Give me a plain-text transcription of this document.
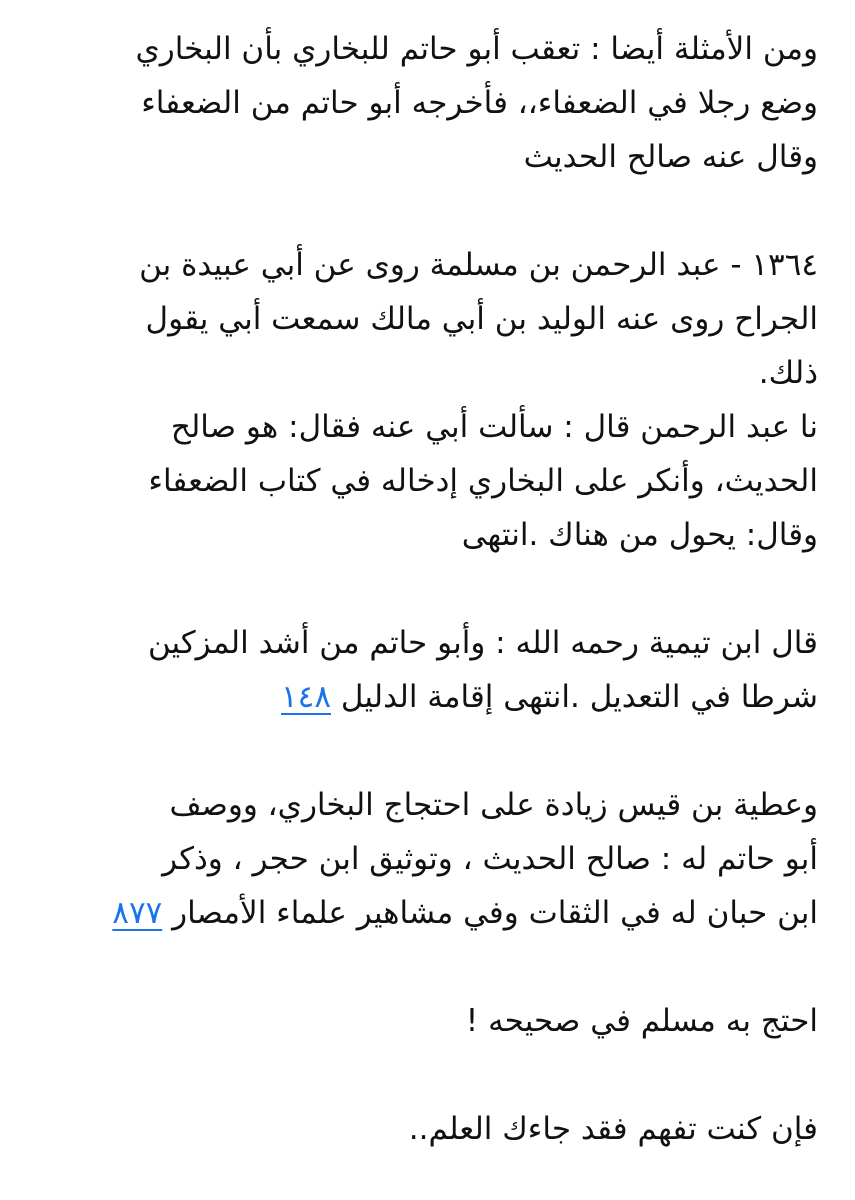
ومن الأمثلة أيضا : تعقب أبو حاتم للبخاري بأن البخاري
وضع رجلا في الضعفاء،، فأخرجه أبو حاتم من الضعفاء
وقال عنه صالح الحديث

١٣٦٤ - عبد الرحمن بن مسلمة روى عن أبي عبيدة بن
الجراح روى عنه الوليد بن أبي مالك سمعت أبي يقول
ذلك.
نا عبد الرحمن قال : سألت أبي عنه فقال: هو صالح
الحديث، وأنكر على البخاري إدخاله في كتاب الضعفاء
وقال: يحول من هناك .انتهى

قال ابن تيمية رحمه الله : وأبو حاتم من أشد المزكين
شرطا في التعديل .انتهى إقامة الدليل ١٤٨

وعطية بن قيس زيادة على احتجاج البخاري، ووصف
أبو حاتم له : صالح الحديث ، وتوثيق ابن حجر ، وذكر
ابن حبان له في الثقات وفي مشاهير علماء الأمصار ٨٧٧

احتج به مسلم في صحيحه !

فإن كنت تفهم فقد جاءك العلم..
